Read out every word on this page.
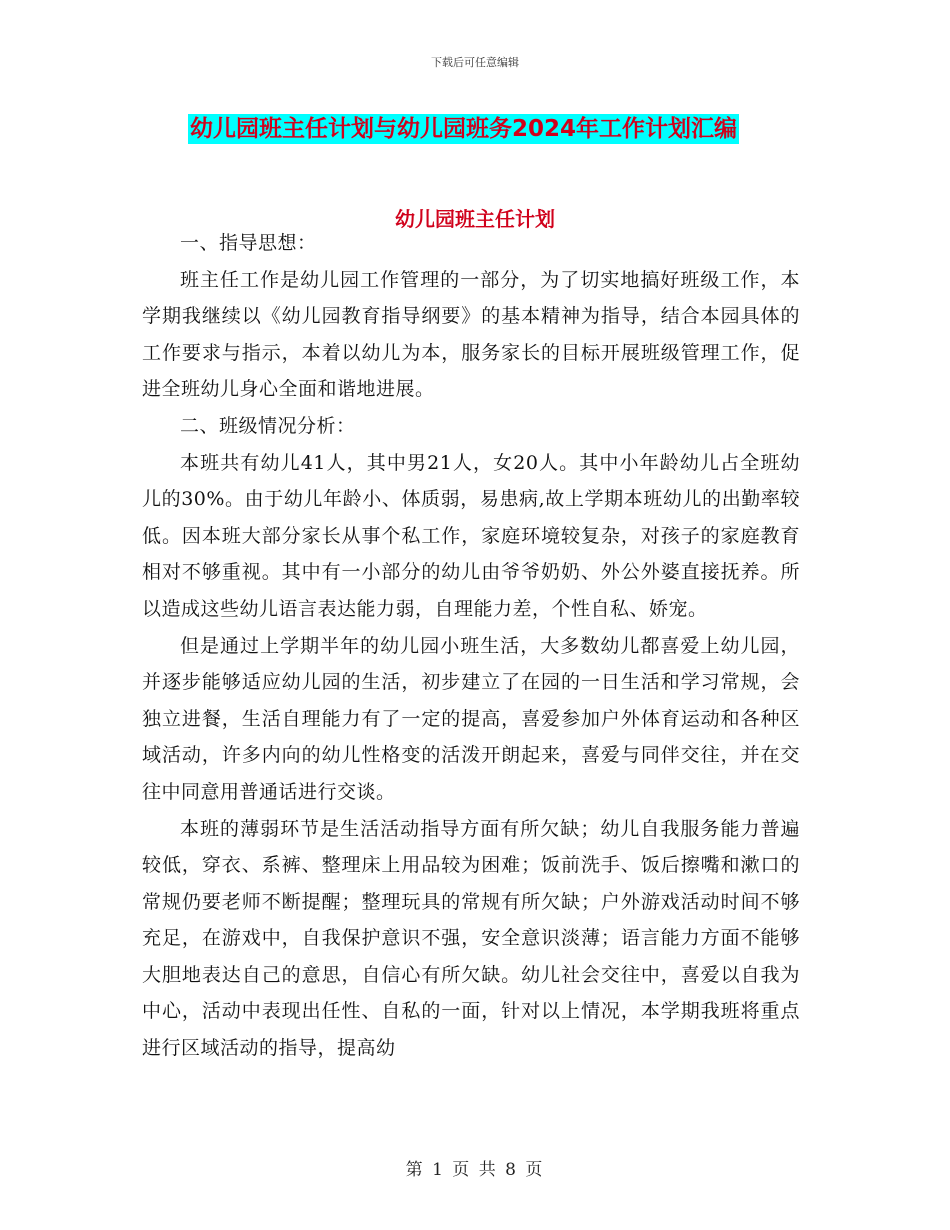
下载后可任意编辑
幼儿园班主任计划与幼儿园班务2024年工作计划汇编
幼儿园班主任计划

一、指导思想：

班主任工作是幼儿园工作管理的一部分，为了切实地搞好班级工作，本学期我继续以《幼儿园教育指导纲要》的基本精神为指导，结合本园具体的工作要求与指示，本着以幼儿为本，服务家长的目标开展班级管理工作，促进全班幼儿身心全面和谐地进展。

二、班级情况分析：

本班共有幼儿41人，其中男21人，女20人。其中小年龄幼儿占全班幼儿的30%。由于幼儿年龄小、体质弱，易患病,故上学期本班幼儿的出勤率较低。因本班大部分家长从事个私工作，家庭环境较复杂，对孩子的家庭教育相对不够重视。其中有一小部分的幼儿由爷爷奶奶、外公外婆直接抚养。所以造成这些幼儿语言表达能力弱，自理能力差，个性自私、娇宠。

但是通过上学期半年的幼儿园小班生活，大多数幼儿都喜爱上幼儿园，并逐步能够适应幼儿园的生活，初步建立了在园的一日生活和学习常规，会独立进餐，生活自理能力有了一定的提高，喜爱参加户外体育运动和各种区域活动，许多内向的幼儿性格变的活泼开朗起来，喜爱与同伴交往，并在交往中同意用普通话进行交谈。

本班的薄弱环节是生活活动指导方面有所欠缺；幼儿自我服务能力普遍较低，穿衣、系裤、整理床上用品较为困难；饭前洗手、饭后擦嘴和漱口的常规仍要老师不断提醒；整理玩具的常规有所欠缺；户外游戏活动时间不够充足，在游戏中，自我保护意识不强，安全意识淡薄；语言能力方面不能够大胆地表达自己的意思，自信心有所欠缺。幼儿社会交往中，喜爱以自我为中心，活动中表现出任性、自私的一面，针对以上情况，本学期我班将重点进行区域活动的指导，提高幼

第 1 页 共 8 页
